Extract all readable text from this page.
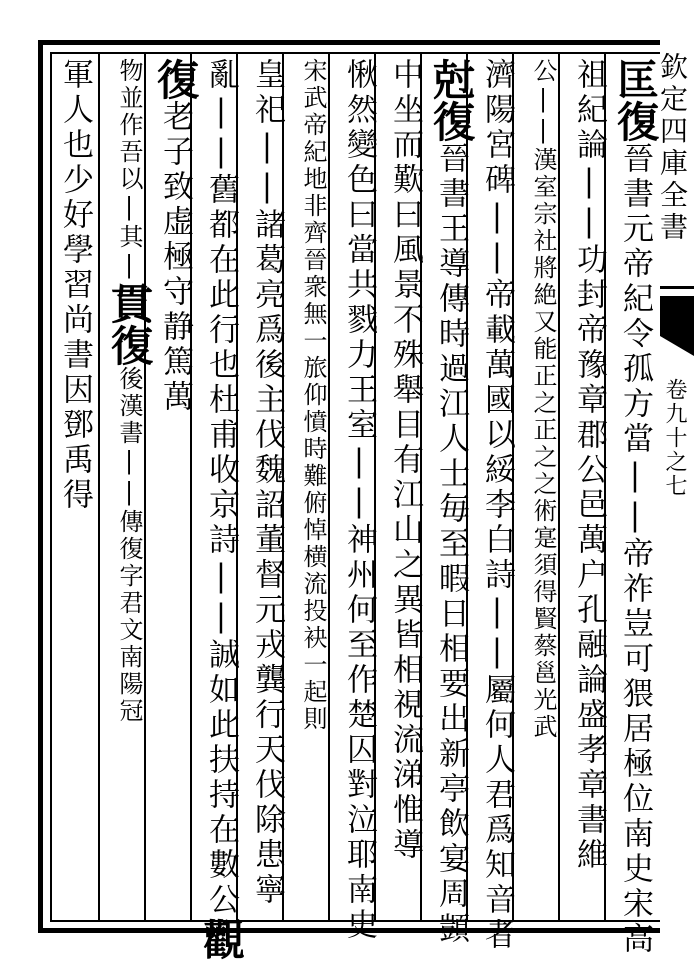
欽定四庫全書
卷九十之七
匡復晉書元帝紀令孤方當||帝祚豈可猥居極位南史宋高
祖紀論||功封帝豫章郡公邑萬户孔融論盛孝章書維
公||漢室宗社將絶又能正之正之之術寔須得賢蔡邕光武
濟陽宮碑||帝載萬國以綏李白詩||屬何人君爲知音者
尅復晉書王導傳時過江人士毎至暇日相要出新亭飲宴周顗
中坐而歎曰風景不殊舉目有江山之異皆相視流涕惟導
愀然變色曰當共戮力王室||神州何至作楚囚對泣耶南史
宋武帝紀地非齊晉衆無一旅仰憤時難俯悼横流投袂一起則
皇祀||諸葛亮爲後主伐魏詔董督元戎龔行天伐除患寧
亂||舊都在此行也杜甫收京詩||誠如此扶持在數公觀
復老子致虚極守静篤萬
物並作吾以|其|貫復後漢書||傳復字君文南陽冠
軍人也少好學習尚書因鄧禹得
